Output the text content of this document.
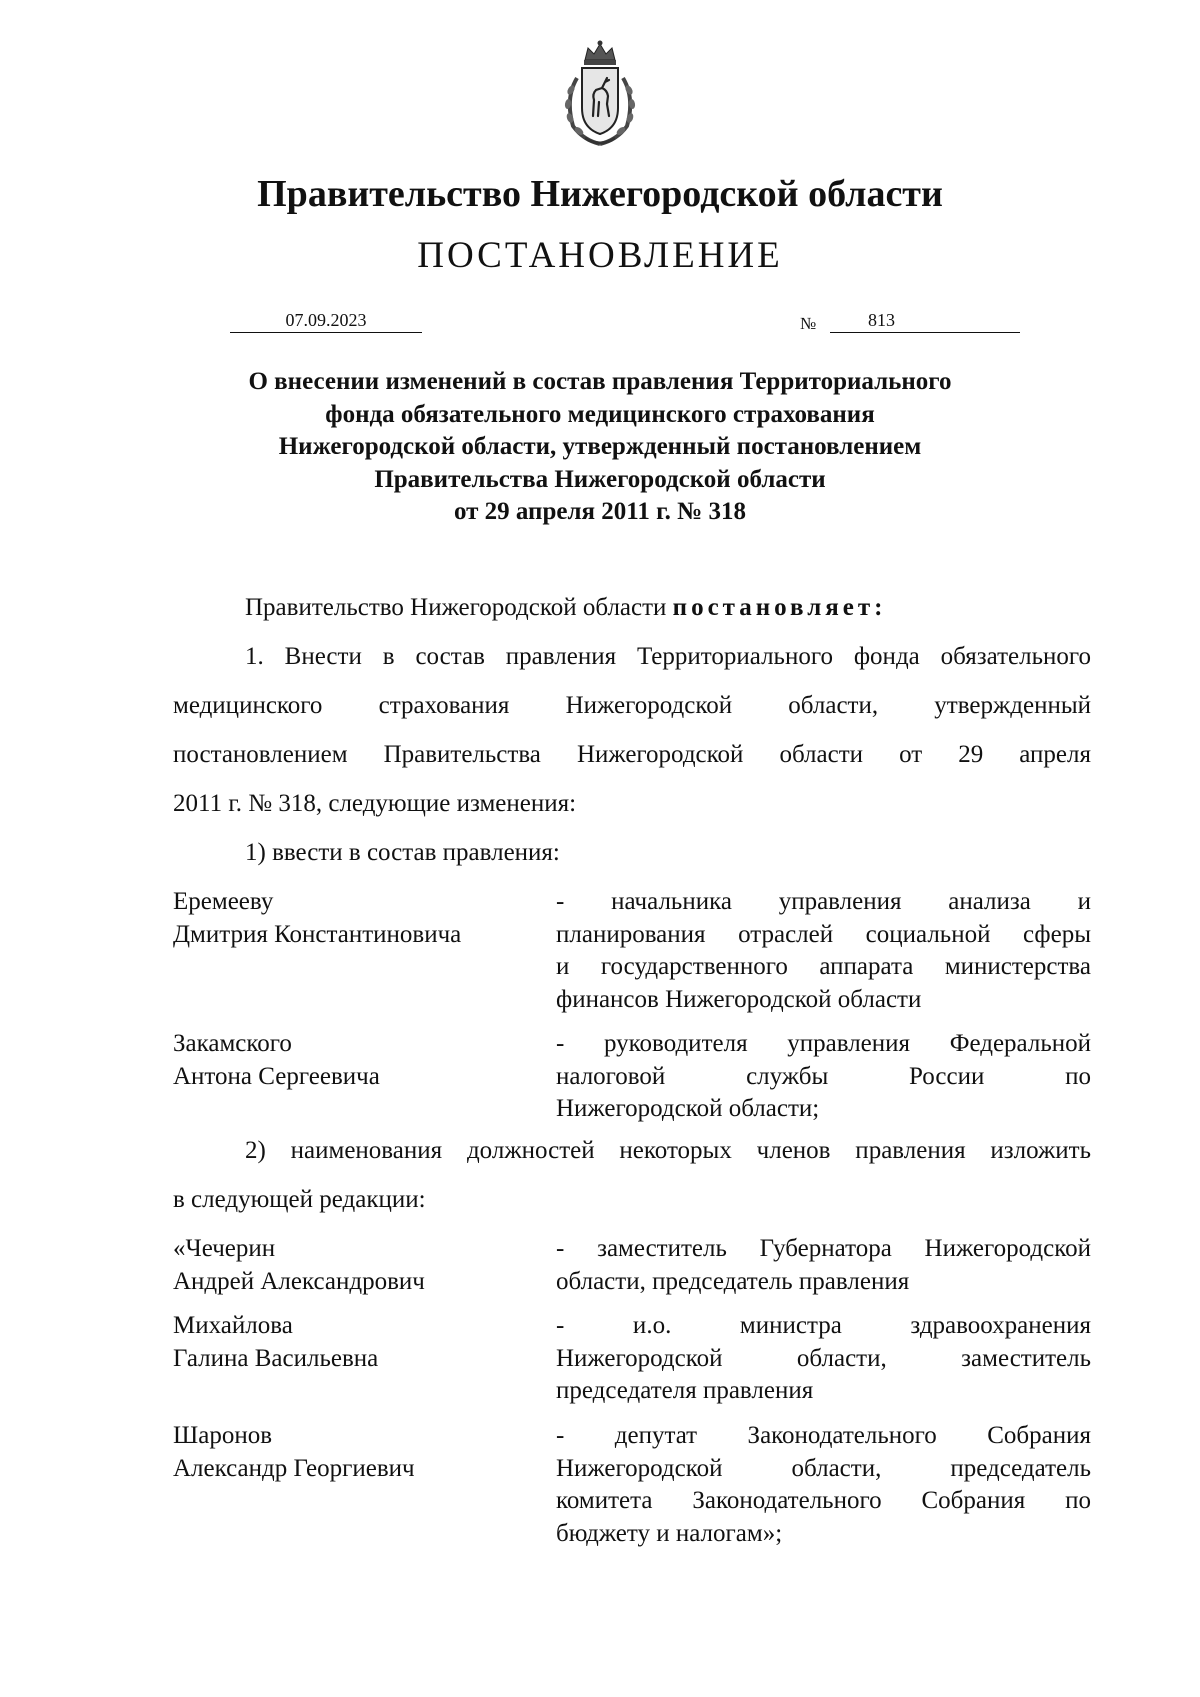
Правительство Нижегородской области
ПОСТАНОВЛЕНИЕ
07.09.2023	№	813
О внесении изменений в состав правления Территориального
фонда обязательного медицинского страхования
Нижегородской области, утвержденный постановлением
Правительства Нижегородской области
от 29 апреля 2011 г. № 318
Правительство Нижегородской области постановляет:
1. Внести в состав правления Территориального фонда обязательного
медицинского страхования Нижегородской области, утвержденный
постановлением Правительства Нижегородской области от 29 апреля
2011 г. № 318, следующие изменения:
1) ввести в состав правления:
Еремееву
Дмитрия Константиновича
- начальника управления анализа и
планирования отраслей социальной сферы
и государственного аппарата министерства
финансов Нижегородской области
Закамского
Антона Сергеевича
- руководителя управления Федеральной
налоговой службы России по
Нижегородской области;
2) наименования должностей некоторых членов правления изложить
в следующей редакции:
«Чечерин
Андрей Александрович
- заместитель Губернатора Нижегородской
области, председатель правления
Михайлова
Галина Васильевна
- и.о. министра здравоохранения
Нижегородской области, заместитель
председателя правления
Шаронов
Александр Георгиевич
- депутат Законодательного Собрания
Нижегородской области, председатель
комитета Законодательного Собрания по
бюджету и налогам»;
